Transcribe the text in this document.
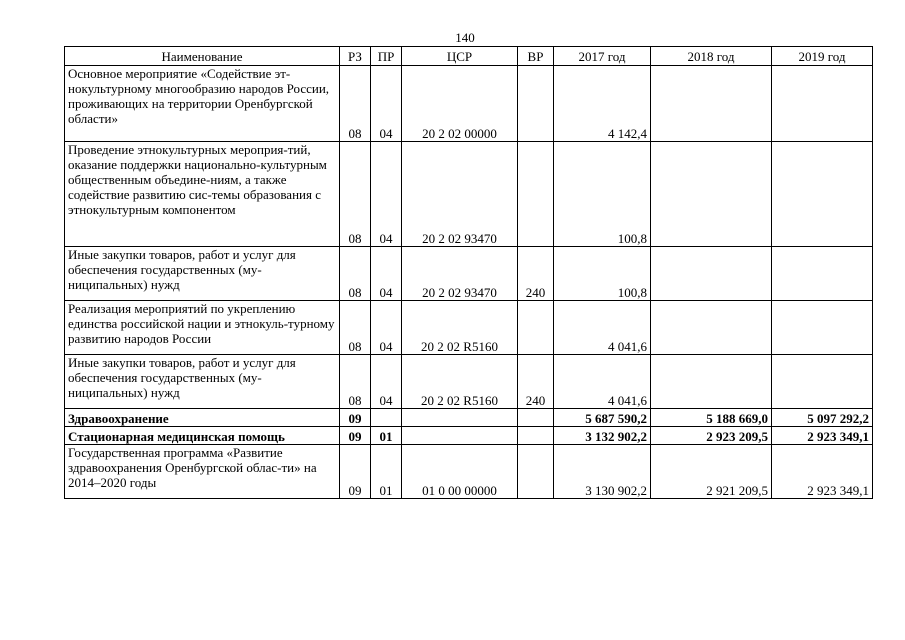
140
Наименование	РЗ	ПР	ЦСР	ВР	2017 год	2018 год	2019 год
Основное мероприятие «Содействие эт-нокультурному многообразию народов России, проживающих на территории Оренбургской области»	08	04	20 2 02 00000		4 142,4		
Проведение этнокультурных мероприя-тий, оказание поддержки национально-культурным общественным объедине-ниям, а также содействие развитию сис-темы образования с этнокультурным компонентом	08	04	20 2 02 93470		100,8		
Иные закупки товаров, работ и услуг для обеспечения государственных (му-ниципальных) нужд	08	04	20 2 02 93470	240	100,8		
Реализация мероприятий по укреплению единства российской нации и этнокуль-турному развитию народов России	08	04	20 2 02 R5160		4 041,6		
Иные закупки товаров, работ и услуг для обеспечения государственных (му-ниципальных) нужд	08	04	20 2 02 R5160	240	4 041,6		
Здравоохранение	09				5 687 590,2	5 188 669,0	5 097 292,2
Стационарная медицинская помощь	09	01			3 132 902,2	2 923 209,5	2 923 349,1
Государственная программа «Развитие здравоохранения Оренбургской облас-ти» на 2014–2020 годы	09	01	01 0 00 00000		3 130 902,2	2 921 209,5	2 923 349,1
